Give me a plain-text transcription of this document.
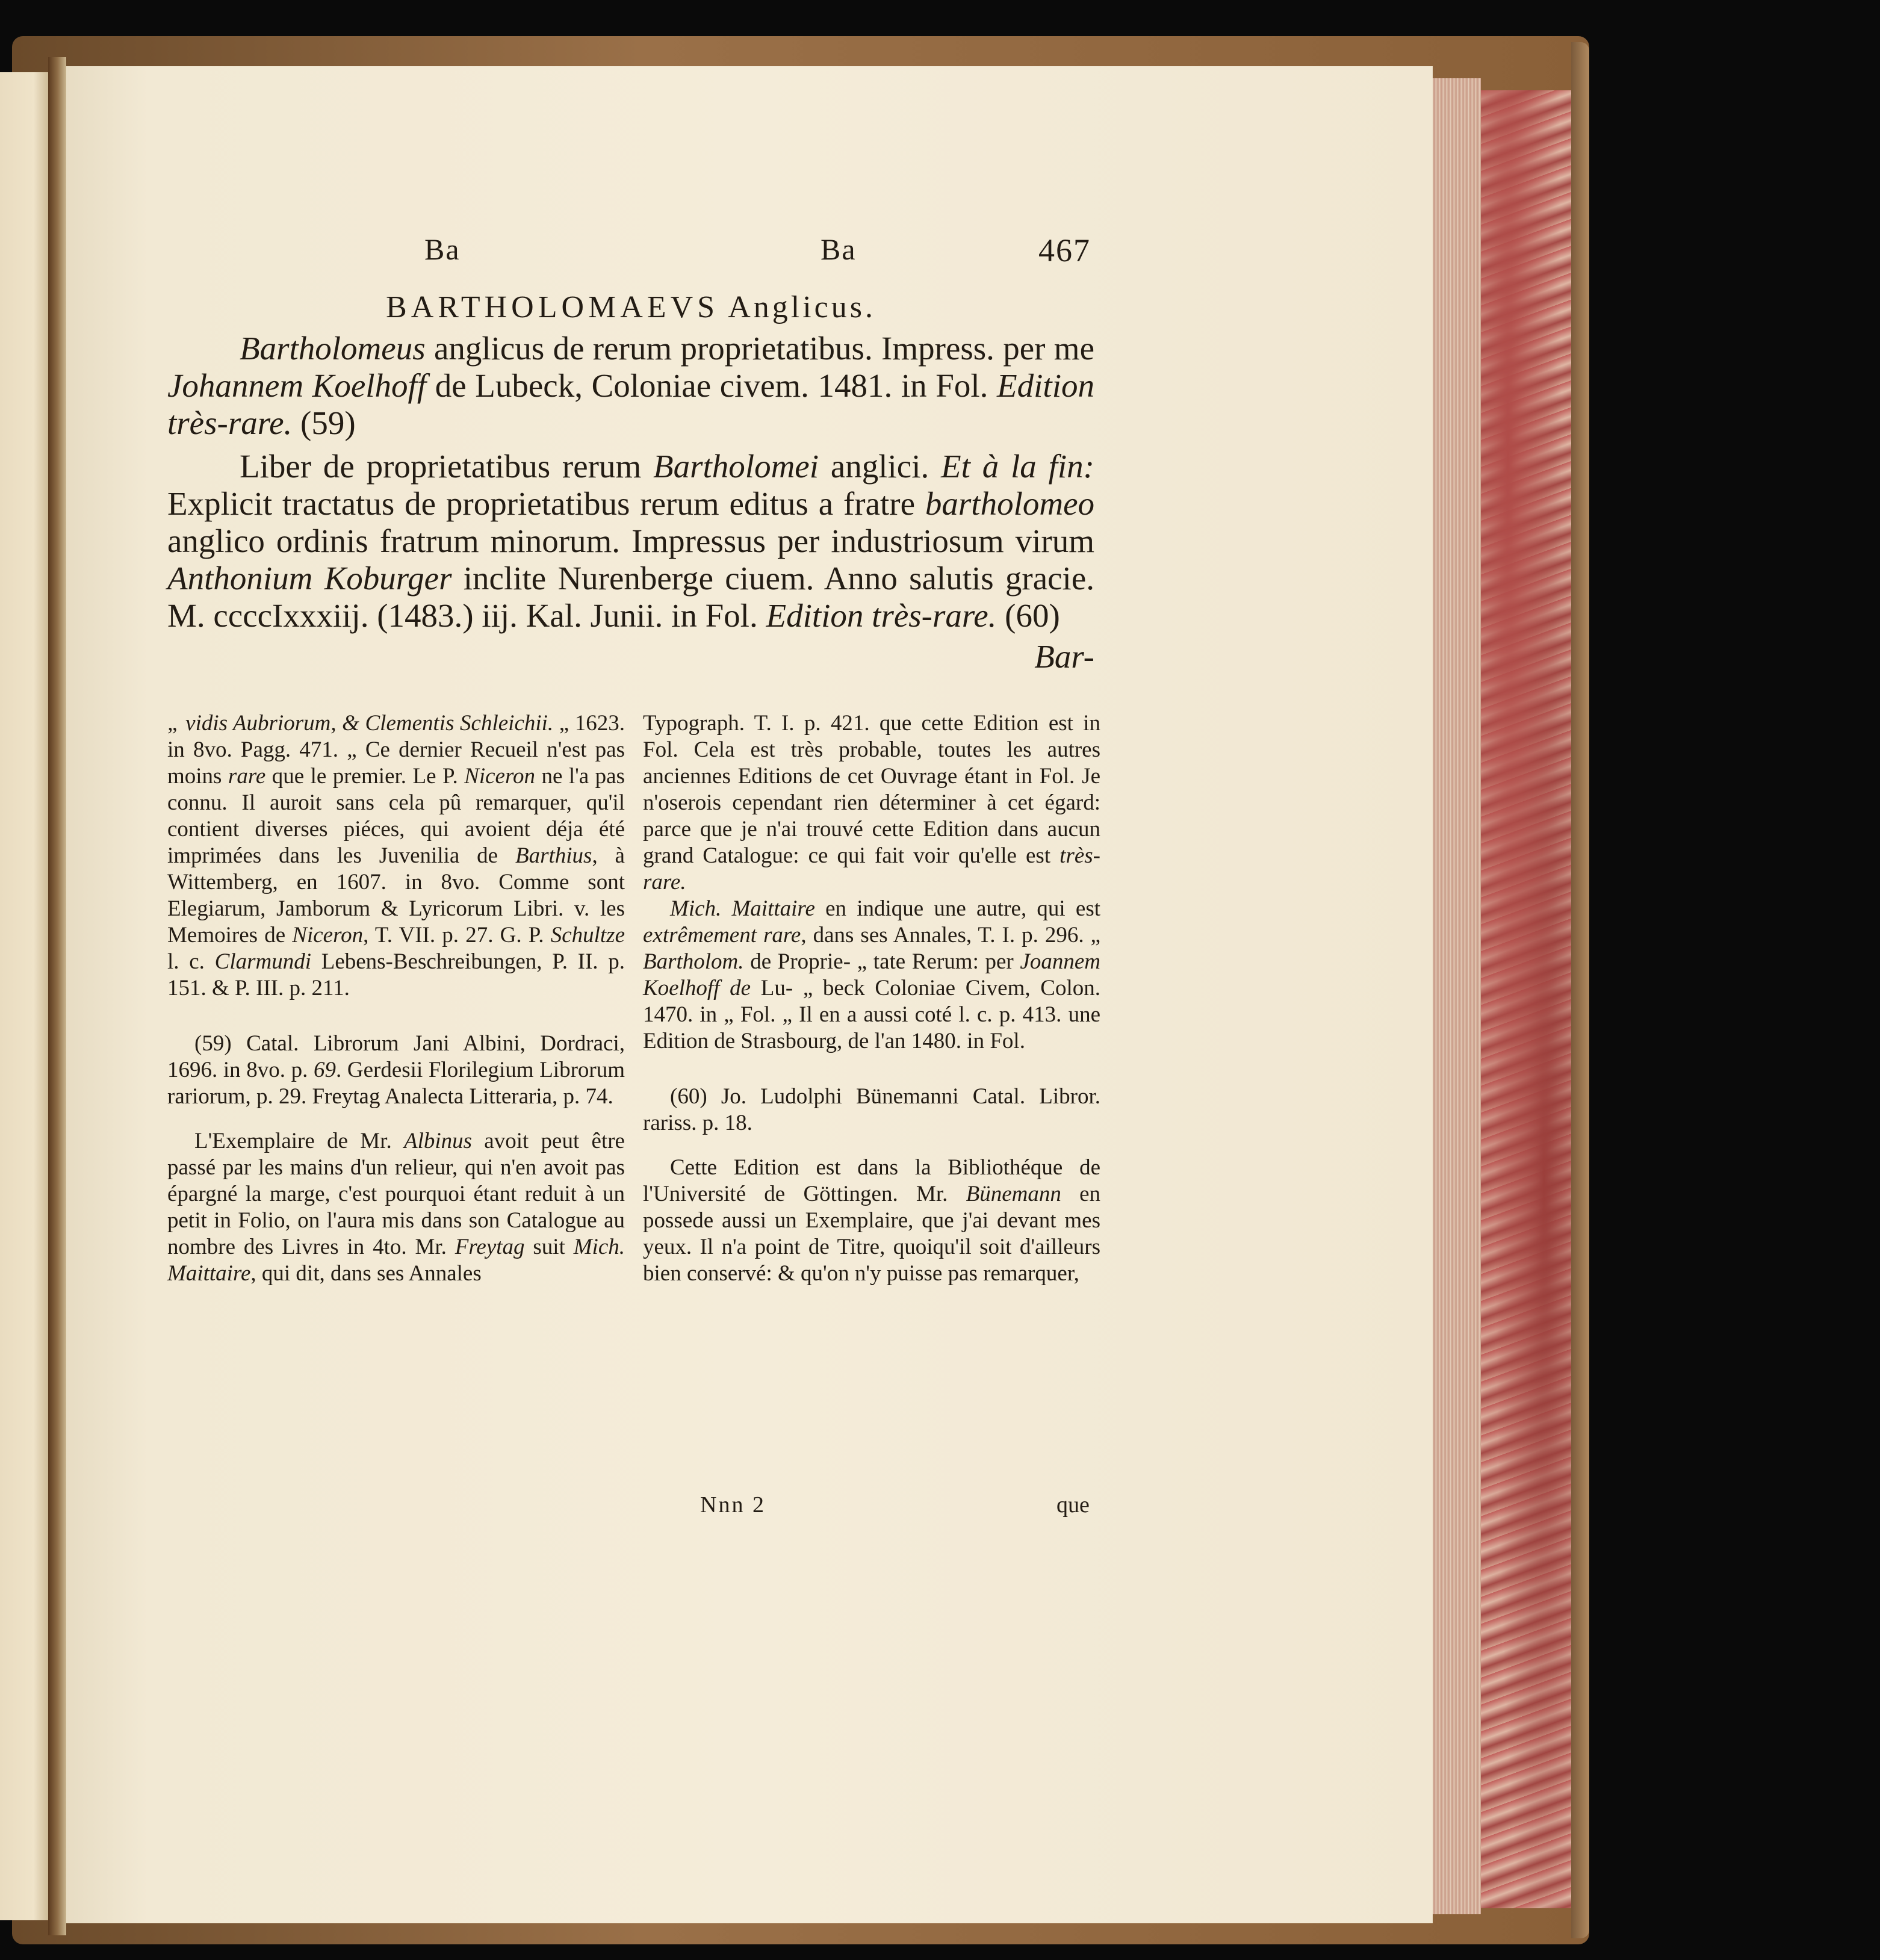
Ba	Ba	467
BARTHOLOMAEVS Anglicus.

Bartholomeus anglicus de rerum proprietatibus. Impress. per me Johannem Koelhoff de Lubeck, Coloniae civem. 1481. in Fol. Edition très-rare. (59)

Liber de proprietatibus rerum Bartholomei anglici. Et à la fin: Explicit tractatus de proprietatibus rerum editus a fratre bartholomeo anglico ordinis fratrum minorum. Impressus per industriosum virum Anthonium Koburger inclite Nurenberge ciuem. Anno salutis gracie. M. ccccIxxxiij. (1483.) iij. Kal. Junii. in Fol. Edition très-rare. (60)

Bar-

„ vidis Aubriorum, & Clementis Schleichii. „ 1623. in 8vo. Pagg. 471. „ Ce dernier Recueil n'est pas moins rare que le premier. Le P. Niceron ne l'a pas connu. Il auroit sans cela pû remarquer, qu'il contient diverses piéces, qui avoient déja été imprimées dans les Juvenilia de Barthius, à Wittemberg, en 1607. in 8vo. Comme sont Elegiarum, Jamborum & Lyricorum Libri. v. les Memoires de Niceron, T. VII. p. 27. G. P. Schultze l. c. Clarmundi Lebens-Beschreibungen, P. II. p. 151. & P. III. p. 211.

(59) Catal. Librorum Jani Albini, Dordraci, 1696. in 8vo. p. 69. Gerdesii Florilegium Librorum rariorum, p. 29. Freytag Analecta Litteraria, p. 74.

L'Exemplaire de Mr. Albinus avoit peut être passé par les mains d'un relieur, qui n'en avoit pas épargné la marge, c'est pourquoi étant reduit à un petit in Folio, on l'aura mis dans son Catalogue au nombre des Livres in 4to. Mr. Freytag suit Mich. Maittaire, qui dit, dans ses Annales

Typograph. T. I. p. 421. que cette Edition est in Fol. Cela est très probable, toutes les autres anciennes Editions de cet Ouvrage étant in Fol. Je n'oserois cependant rien déterminer à cet égard: parce que je n'ai trouvé cette Edition dans aucun grand Catalogue: ce qui fait voir qu'elle est très-rare.

Mich. Maittaire en indique une autre, qui est extrêmement rare, dans ses Annales, T. I. p. 296. „ Bartholom. de Proprie- „ tate Rerum: per Joannem Koelhoff de Lu- „ beck Coloniae Civem, Colon. 1470. in „ Fol. „ Il en a aussi coté l. c. p. 413. une Edition de Strasbourg, de l'an 1480. in Fol.

(60) Jo. Ludolphi Bünemanni Catal. Libror. rariss. p. 18.

Cette Edition est dans la Bibliothéque de l'Université de Göttingen. Mr. Bünemann en possede aussi un Exemplaire, que j'ai devant mes yeux. Il n'a point de Titre, quoiqu'il soit d'ailleurs bien conservé: & qu'on n'y puisse pas remarquer,

Nnn 2	que
